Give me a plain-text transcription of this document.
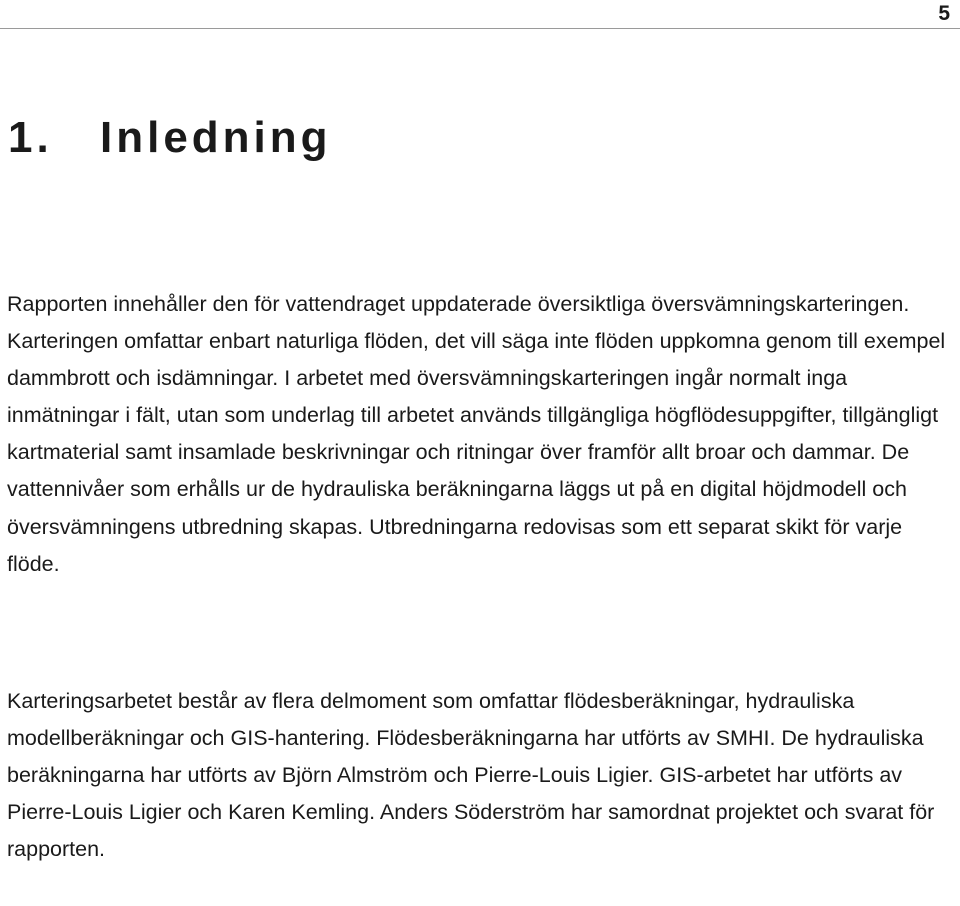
5
1. Inledning

Rapporten innehåller den för vattendraget uppdaterade översiktliga översvämningskarteringen. Karteringen omfattar enbart naturliga flöden, det vill säga inte flöden uppkomna genom till exempel dammbrott och isdämningar. I arbetet med översvämningskarteringen ingår normalt inga inmätningar i fält, utan som underlag till arbetet används tillgängliga högflödesuppgifter, tillgängligt kartmaterial samt insamlade beskrivningar och ritningar över framför allt broar och dammar. De vattennivåer som erhålls ur de hydrauliska beräkningarna läggs ut på en digital höjdmodell och översvämningens utbredning skapas. Utbredningarna redovisas som ett separat skikt för varje flöde.

Karteringsarbetet består av flera delmoment som omfattar flödesberäkningar, hydrauliska modellberäkningar och GIS-hantering. Flödesberäkningarna har utförts av SMHI. De hydrauliska beräkningarna har utförts av Björn Almström och Pierre-Louis Ligier. GIS-arbetet har utförts av Pierre-Louis Ligier och Karen Kemling. Anders Söderström har samordnat projektet och svarat för rapporten.
